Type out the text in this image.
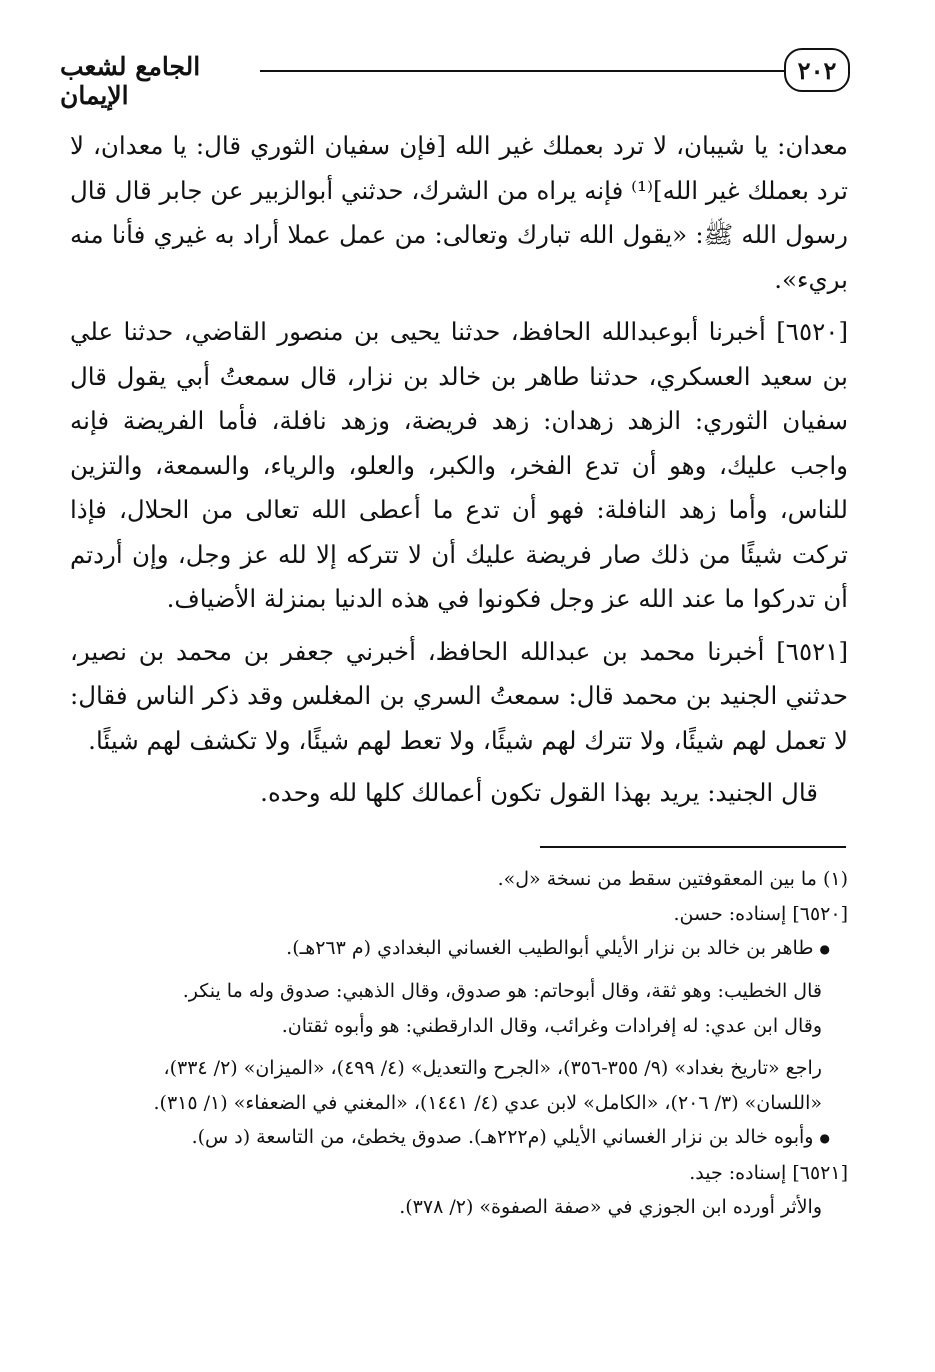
٢٠٢
الجامع لشعب الإيمان

معدان: يا شيبان، لا ترد بعملك غير الله [فإن سفيان الثوري قال: يا معدان، لا ترد بعملك غير الله]⁽¹⁾ فإنه يراه من الشرك، حدثني أبوالزبير عن جابر قال قال رسول الله ﷺ: «يقول الله تبارك وتعالى: من عمل عملا أراد به غيري فأنا منه بريء».

[٦٥٢٠] أخبرنا أبوعبدالله الحافظ، حدثنا يحيى بن منصور القاضي، حدثنا علي بن سعيد العسكري، حدثنا طاهر بن خالد بن نزار، قال سمعتُ أبي يقول قال سفيان الثوري: الزهد زهدان: زهد فريضة، وزهد نافلة، فأما الفريضة فإنه واجب عليك، وهو أن تدع الفخر، والكبر، والعلو، والرياء، والسمعة، والتزين للناس، وأما زهد النافلة: فهو أن تدع ما أعطى الله تعالى من الحلال، فإذا تركت شيئًا من ذلك صار فريضة عليك أن لا تتركه إلا لله عز وجل، وإن أردتم أن تدركوا ما عند الله عز وجل فكونوا في هذه الدنيا بمنزلة الأضياف.

[٦٥٢١] أخبرنا محمد بن عبدالله الحافظ، أخبرني جعفر بن محمد بن نصير، حدثني الجنيد بن محمد قال: سمعتُ السري بن المغلس وقد ذكر الناس فقال: لا تعمل لهم شيئًا، ولا تترك لهم شيئًا، ولا تعط لهم شيئًا، ولا تكشف لهم شيئًا.

قال الجنيد: يريد بهذا القول تكون أعمالك كلها لله وحده.

(١) ما بين المعقوفتين سقط من نسخة «ل».

[٦٥٢٠] إسناده: حسن.

● طاهر بن خالد بن نزار الأيلي أبوالطيب الغساني البغدادي (م ٢٦٣هـ).

قال الخطيب: وهو ثقة، وقال أبوحاتم: هو صدوق، وقال الذهبي: صدوق وله ما ينكر.

وقال ابن عدي: له إفرادات وغرائب، وقال الدارقطني: هو وأبوه ثقتان.

راجع «تاريخ بغداد» (٩/ ٣٥٥-٣٥٦)، «الجرح والتعديل» (٤/ ٤٩٩)، «الميزان» (٢/ ٣٣٤)،

«اللسان» (٣/ ٢٠٦)، «الكامل» لابن عدي (٤/ ١٤٤١)، «المغني في الضعفاء» (١/ ٣١٥).

● وأبوه خالد بن نزار الغساني الأيلي (م٢٢٢هـ). صدوق يخطئ، من التاسعة (د س).

[٦٥٢١] إسناده: جيد.

والأثر أورده ابن الجوزي في «صفة الصفوة» (٢/ ٣٧٨).
